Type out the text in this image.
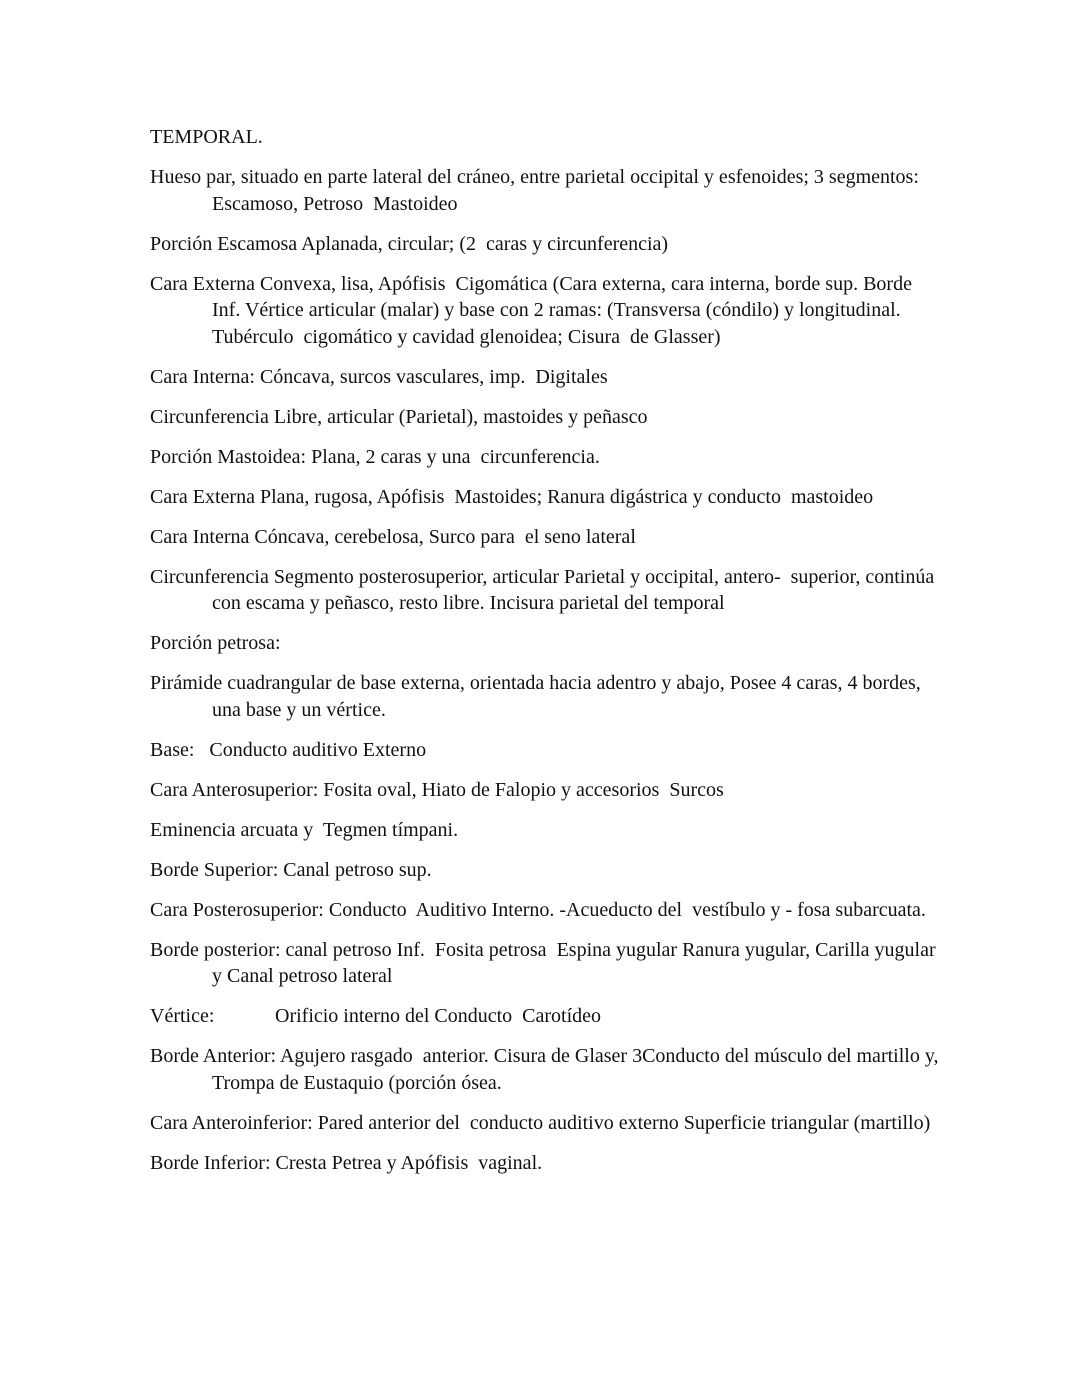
TEMPORAL.
Hueso par, situado en parte lateral del cráneo, entre parietal occipital y esfenoides; 3 segmentos: Escamoso, Petroso  Mastoideo
Porción Escamosa Aplanada, circular; (2  caras y circunferencia)
Cara Externa Convexa, lisa, Apófisis  Cigomática (Cara externa, cara interna, borde sup. Borde Inf. Vértice articular (malar) y base con 2 ramas: (Transversa (cóndilo) y longitudinal. Tubérculo  cigomático y cavidad glenoidea; Cisura  de Glasser)
Cara Interna: Cóncava, surcos vasculares, imp.  Digitales
Circunferencia Libre, articular (Parietal), mastoides y peñasco
Porción Mastoidea: Plana, 2 caras y una  circunferencia.
Cara Externa Plana, rugosa, Apófisis  Mastoides; Ranura digástrica y conducto  mastoideo
Cara Interna Cóncava, cerebelosa, Surco para  el seno lateral
Circunferencia Segmento posterosuperior, articular Parietal y occipital, antero-  superior, continúa con escama y peñasco, resto libre. Incisura parietal del temporal
Porción petrosa:
Pirámide cuadrangular de base externa, orientada hacia adentro y abajo, Posee 4 caras, 4 bordes, una base y un vértice.
Base:   Conducto auditivo Externo
Cara Anterosuperior: Fosita oval, Hiato de Falopio y accesorios  Surcos
Eminencia arcuata y  Tegmen tímpani.
Borde Superior: Canal petroso sup.
Cara Posterosuperior: Conducto  Auditivo Interno. -Acueducto del  vestíbulo y - fosa subarcuata.
Borde posterior: canal petroso Inf.  Fosita petrosa  Espina yugular Ranura yugular, Carilla yugular y Canal petroso lateral
Vértice:	Orificio interno del Conducto  Carotídeo
Borde Anterior: Agujero rasgado  anterior. Cisura de Glaser 3Conducto del músculo del martillo y, Trompa de Eustaquio (porción ósea.
Cara Anteroinferior: Pared anterior del  conducto auditivo externo Superficie triangular (martillo)
Borde Inferior: Cresta Petrea y Apófisis  vaginal.
